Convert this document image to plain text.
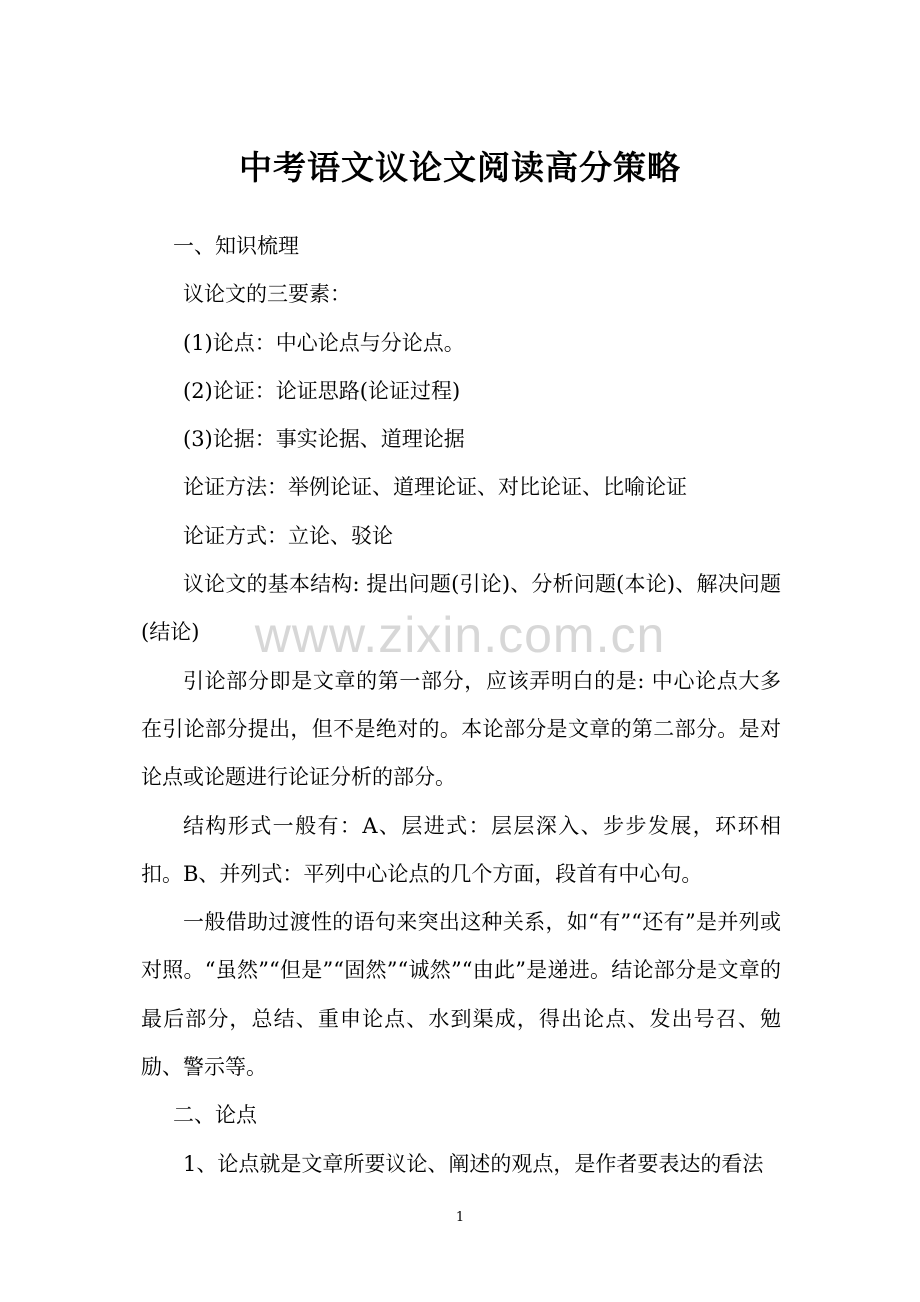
中考语文议论文阅读高分策略

一、知识梳理

议论文的三要素：

(1)论点：中心论点与分论点。

(2)论证：论证思路(论证过程)

(3)论据：事实论据、道理论据

论证方法：举例论证、道理论证、对比论证、比喻论证

论证方式：立论、驳论

议论文的基本结构: 提出问题(引论)、分析问题(本论)、解决问题(结论)

引论部分即是文章的第一部分，应该弄明白的是: 中心论点大多在引论部分提出，但不是绝对的。本论部分是文章的第二部分。是对论点或论题进行论证分析的部分。

结构形式一般有：A、层进式：层层深入、步步发展，环环相扣。B、并列式：平列中心论点的几个方面，段首有中心句。

一般借助过渡性的语句来突出这种关系，如“有”“还有”是并列或对照。“虽然”“但是”“固然”“诚然”“由此”是递进。结论部分是文章的最后部分，总结、重申论点、水到渠成，得出论点、发出号召、勉励、警示等。

二、论点

1、论点就是文章所要议论、阐述的观点，是作者要表达的看法

www.zixin.com.cn
1
